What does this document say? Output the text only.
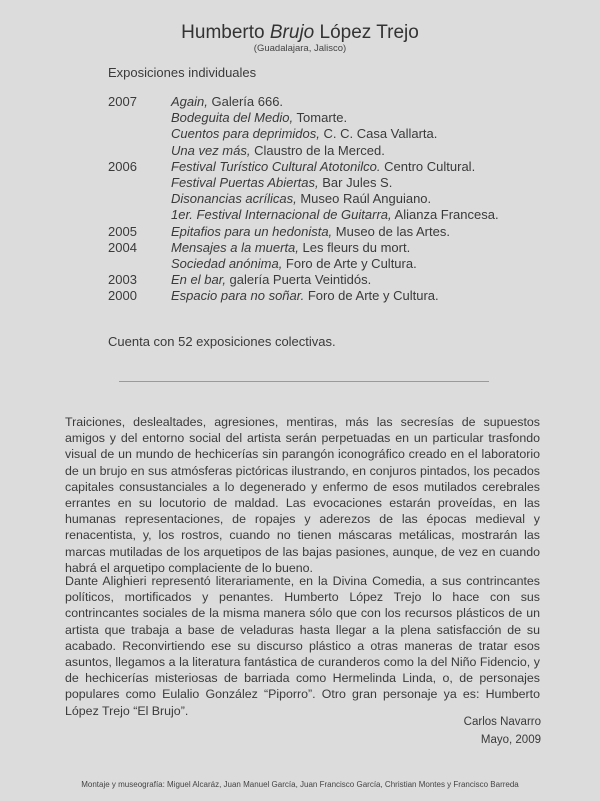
Humberto Brujo López Trejo
(Guadalajara, Jalisco)
Exposiciones individuales
2007	Again, Galería 666.
Bodeguita del Medio, Tomarte.
Cuentos para deprimidos, C. C. Casa Vallarta.
Una vez más, Claustro de la Merced.
2006	Festival Turístico Cultural Atotonilco. Centro Cultural.
Festival Puertas Abiertas, Bar Jules S.
Disonancias acrílicas, Museo Raúl Anguiano.
1er. Festival Internacional de Guitarra, Alianza Francesa.
2005	Epitafios para un hedonista, Museo de las Artes.
2004	Mensajes a la muerta, Les fleurs du mort.
Sociedad anónima, Foro de Arte y Cultura.
2003	En el bar, galería Puerta Veintidós.
2000	Espacio para no soñar. Foro de Arte y Cultura.
Cuenta con 52 exposiciones colectivas.
Traiciones, deslealtades, agresiones, mentiras, más las secresías de supuestos amigos y del entorno social del artista serán perpetuadas en un particular trasfondo visual de un mundo de hechicerías sin parangón iconográfico creado en el laboratorio de un brujo en sus atmósferas pictóricas ilustrando, en conjuros pintados, los pecados capitales consustanciales a lo degenerado y enfermo de esos mutilados cerebrales errantes en su locutorio de maldad. Las evocaciones estarán proveídas, en las humanas representaciones, de ropajes y aderezos de las épocas medieval y renacentista, y, los rostros, cuando no tienen máscaras metálicas, mostrarán las marcas mutiladas de los arquetipos de las bajas pasiones, aunque, de vez en cuando habrá el arquetipo complaciente de lo bueno.
Dante Alighieri representó literariamente, en la Divina Comedia, a sus contrincantes políticos, mortificados y penantes. Humberto López Trejo lo hace con sus contrincantes sociales de la misma manera sólo que con los recursos plásticos de un artista que trabaja a base de veladuras hasta llegar a la plena satisfacción de su acabado. Reconvirtiendo ese su discurso plástico a otras maneras de tratar esos asuntos, llegamos a la literatura fantástica de curanderos como la del Niño Fidencio, y de hechicerías misteriosas de barriada como Hermelinda Linda, o, de personajes populares como Eulalio González “Piporro”. Otro gran personaje ya es: Humberto López Trejo “El Brujo”.
Carlos Navarro
Mayo, 2009
Montaje y museografía: Miguel Alcaráz, Juan Manuel García, Juan Francisco García, Christian Montes y Francisco Barreda
